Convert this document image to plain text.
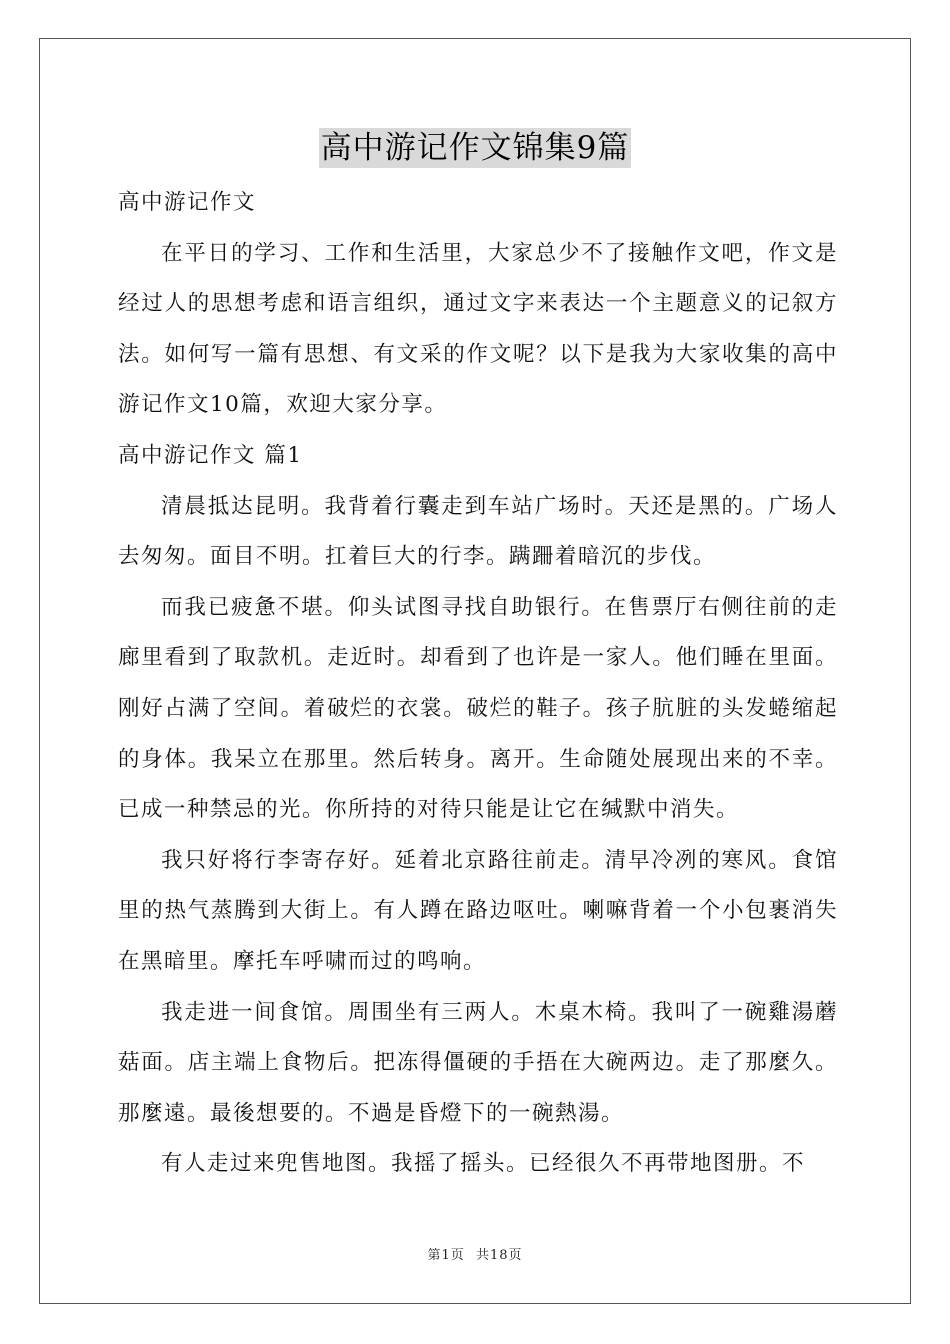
高中游记作文锦集9篇

高中游记作文

在平日的学习、工作和生活里，大家总少不了接触作文吧，作文是经过人的思想考虑和语言组织，通过文字来表达一个主题意义的记叙方法。如何写一篇有思想、有文采的作文呢？以下是我为大家收集的高中游记作文10篇，欢迎大家分享。

高中游记作文 篇1

清晨抵达昆明。我背着行囊走到车站广场时。天还是黑的。广场人去匆匆。面目不明。扛着巨大的行李。蹒跚着暗沉的步伐。

而我已疲惫不堪。仰头试图寻找自助银行。在售票厅右侧往前的走廊里看到了取款机。走近时。却看到了也许是一家人。他们睡在里面。刚好占满了空间。着破烂的衣裳。破烂的鞋子。孩子肮脏的头发蜷缩起的身体。我呆立在那里。然后转身。离开。生命随处展现出来的不幸。已成一种禁忌的光。你所持的对待只能是让它在缄默中消失。

我只好将行李寄存好。延着北京路往前走。清早冷冽的寒风。食馆里的热气蒸腾到大街上。有人蹲在路边呕吐。喇嘛背着一个小包裹消失在黑暗里。摩托车呼啸而过的鸣响。

我走进一间食馆。周围坐有三两人。木桌木椅。我叫了一碗雞湯蘑菇面。店主端上食物后。把冻得僵硬的手捂在大碗两边。走了那麼久。那麼遠。最後想要的。不過是昏燈下的一碗熱湯。

有人走过来兜售地图。我摇了摇头。已经很久不再带地图册。不

第1页 共18页
